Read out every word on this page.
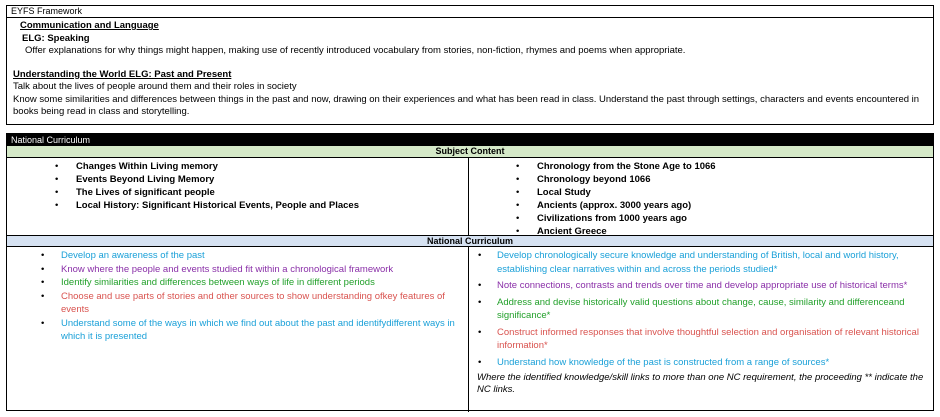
EYFS Framework
Communication and Language
ELG: Speaking
Offer explanations for why things might happen, making use of recently introduced vocabulary from stories, non-fiction, rhymes and poems when appropriate.
Understanding the World ELG: Past and Present
Talk about the lives of people around them and their roles in society
Know some similarities and differences between things in the past and now, drawing on their experiences and what has been read in class. Understand the past through settings, characters and events encountered in books being read in class and storytelling.
National Curriculum
Subject Content
• Changes Within Living memory
• Events Beyond Living Memory
• The Lives of significant people
• Local History: Significant Historical Events, People and Places
• Chronology from the Stone Age to 1066
• Chronology beyond 1066
• Local Study
• Ancients (approx. 3000 years ago)
• Civilizations from 1000 years ago
• Ancient Greece
National Curriculum
• Develop an awareness of the past
• Know where the people and events studied fit within a chronological framework
• Identify similarities and differences between ways of life in different periods
• Choose and use parts of stories and other sources to show understanding ofkey features of events
• Understand some of the ways in which we find out about the past and identifydifferent ways in which it is presented
• Develop chronologically secure knowledge and understanding of British, local and world history, establishing clear narratives within and across the periods studied*
• Note connections, contrasts and trends over time and develop appropriate use of historical terms*
• Address and devise historically valid questions about change, cause, similarity and differenceand significance*
• Construct informed responses that involve thoughtful selection and organisation of relevant historical information*
• Understand how knowledge of the past is constructed from a range of sources*
Where the identified knowledge/skill links to more than one NC requirement, the proceeding ** indicate the NC links.
